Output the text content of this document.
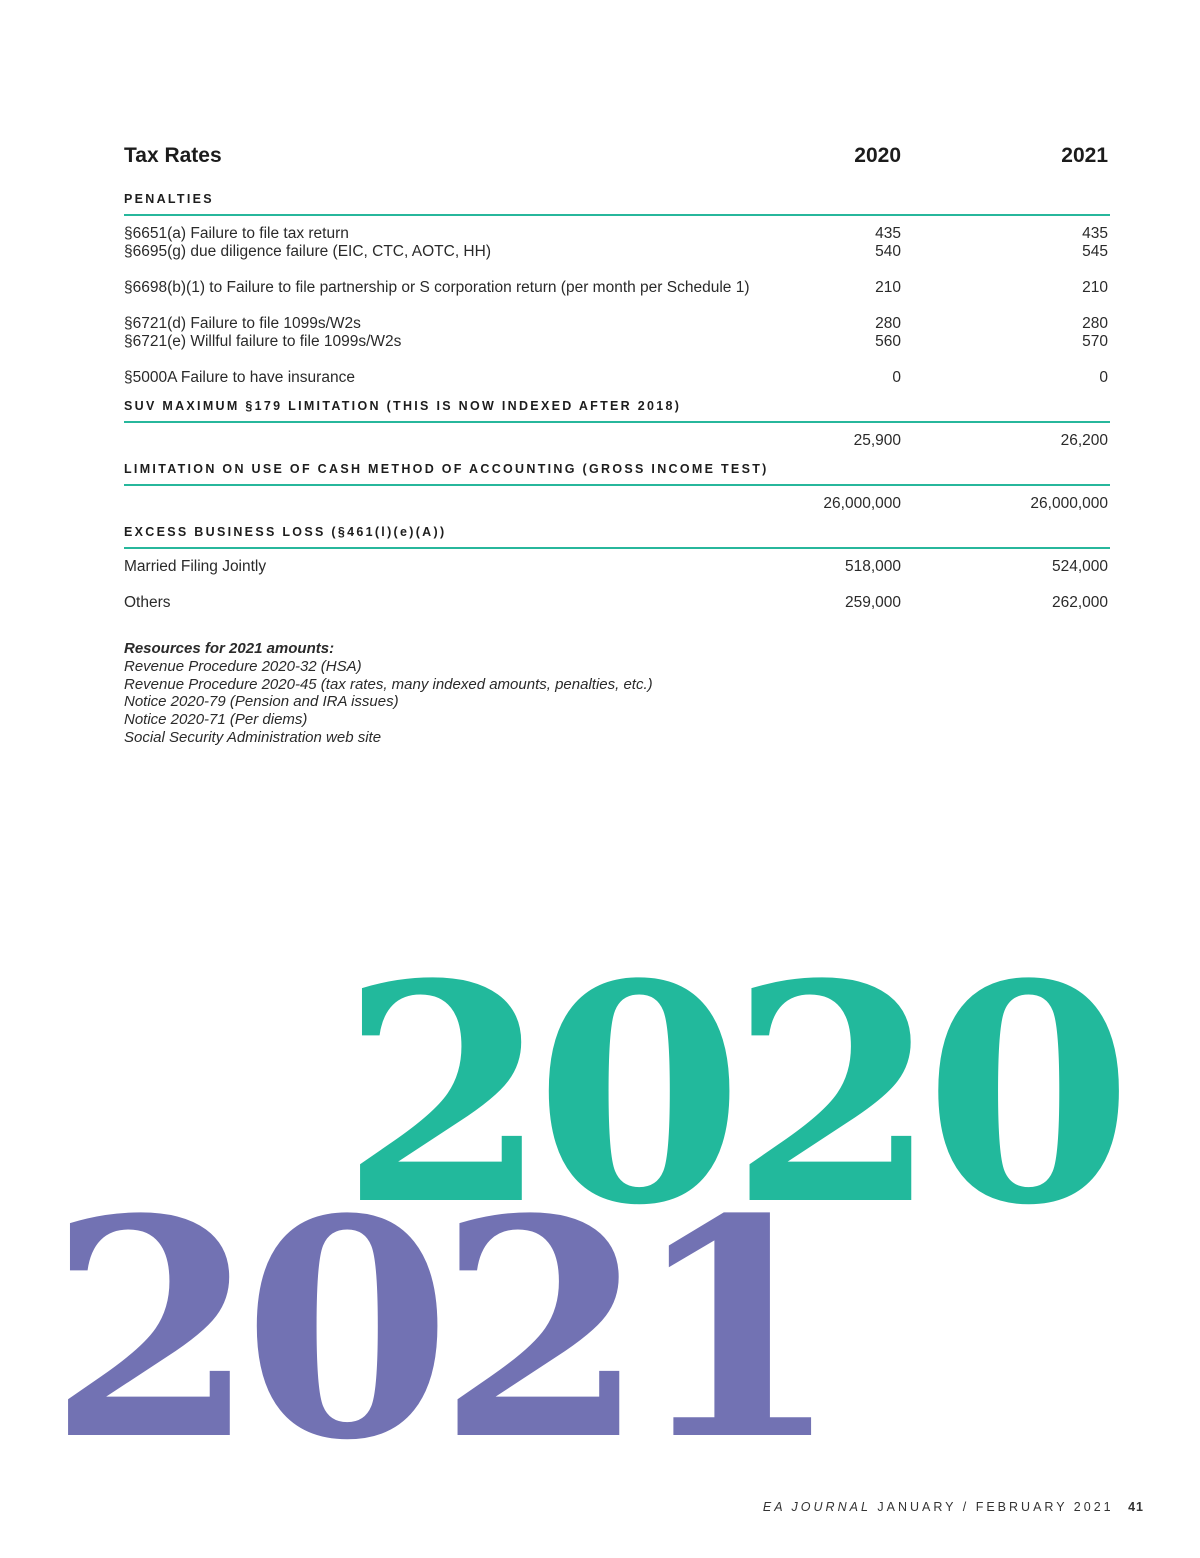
Tax Rates	2020	2021
PENALTIES
§6651(a) Failure to file tax return	435	435
§6695(g) due diligence failure (EIC, CTC, AOTC, HH)	540	545
§6698(b)(1) to Failure to file partnership or S corporation return (per month per Schedule 1)	210	210
§6721(d) Failure to file 1099s/W2s	280	280
§6721(e) Willful failure to file 1099s/W2s	560	570
§5000A Failure to have insurance	0	0
SUV MAXIMUM §179 LIMITATION (THIS IS NOW INDEXED AFTER 2018)
25,900	26,200
LIMITATION ON USE OF CASH METHOD OF ACCOUNTING (GROSS INCOME TEST)
26,000,000	26,000,000
EXCESS BUSINESS LOSS (§461(l)(e)(A))
Married Filing Jointly	518,000	524,000
Others	259,000	262,000
Resources for 2021 amounts:
Revenue Procedure 2020-32 (HSA)
Revenue Procedure 2020-45 (tax rates, many indexed amounts, penalties, etc.)
Notice 2020-79 (Pension and IRA issues)
Notice 2020-71 (Per diems)
Social Security Administration web site
2020
2021
EA JOURNAL JANUARY / FEBRUARY 2021 41
